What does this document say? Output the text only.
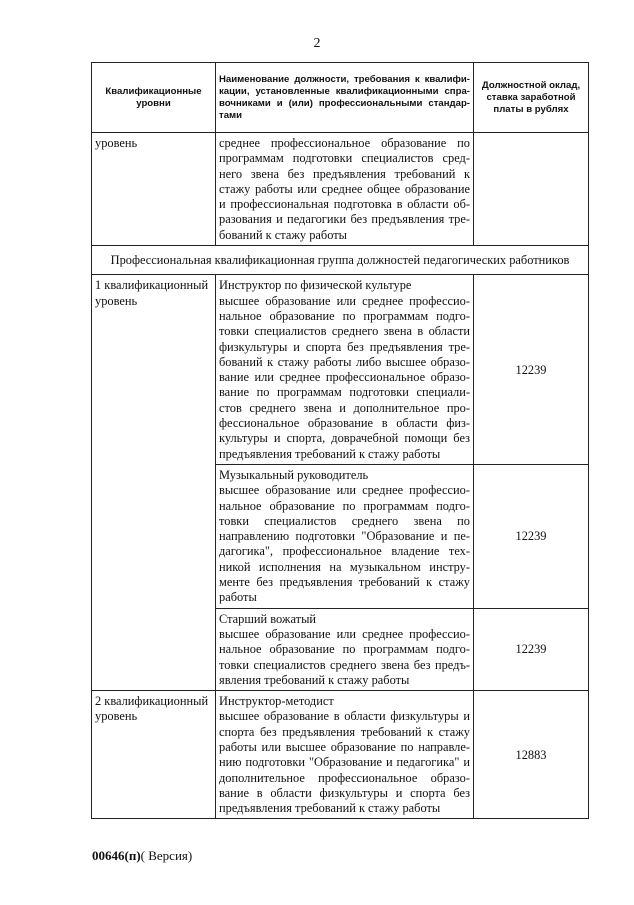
2
Квалификационные уровни	Наименование должности, требования к квалифи-кации, установленные квалификационными спра-вочниками и (или) профессиональными стандар-тами	Должностной оклад, ставка заработной платы в рублях
уровень	среднее профессиональное образование по программам подготовки специалистов сред-него звена без предъявления требований к стажу работы или среднее общее образование и профессиональная подготовка в области об-разования и педагогики без предъявления тре-бований к стажу работы	
Профессиональная квалификационная группа должностей педагогических работников		
1 квалификационный уровень	Инструктор по физической культуре
высшее образование или среднее профессио-нальное образование по программам подго-товки специалистов среднего звена в области физкультуры и спорта без предъявления тре-бований к стажу работы либо высшее образо-вание или среднее профессиональное образо-вание по программам подготовки специали-стов среднего звена и дополнительное про-фессиональное образование в области физ-культуры и спорта, доврачебной помощи без предъявления требований к стажу работы	12239

	Музыкальный руководитель
высшее образование или среднее профессио-нальное образование по программам подго-товки специалистов среднего звена по направлению подготовки "Образование и пе-дагогика", профессиональное владение тех-никой исполнения на музыкальном инстру-менте без предъявления требований к стажу работы	12239

	Старший вожатый
высшее образование или среднее профессио-нальное образование по программам подго-товки специалистов среднего звена без предъ-явления требований к стажу работы	12239
2 квалификационный уровень	Инструктор-методист
высшее образование в области физкультуры и спорта без предъявления требований к стажу работы или высшее образование по направле-нию подготовки "Образование и педагогика" и дополнительное профессиональное образо-вание в области физкультуры и спорта без предъявления требований к стажу работы	12883
00646(п)( Версия)
